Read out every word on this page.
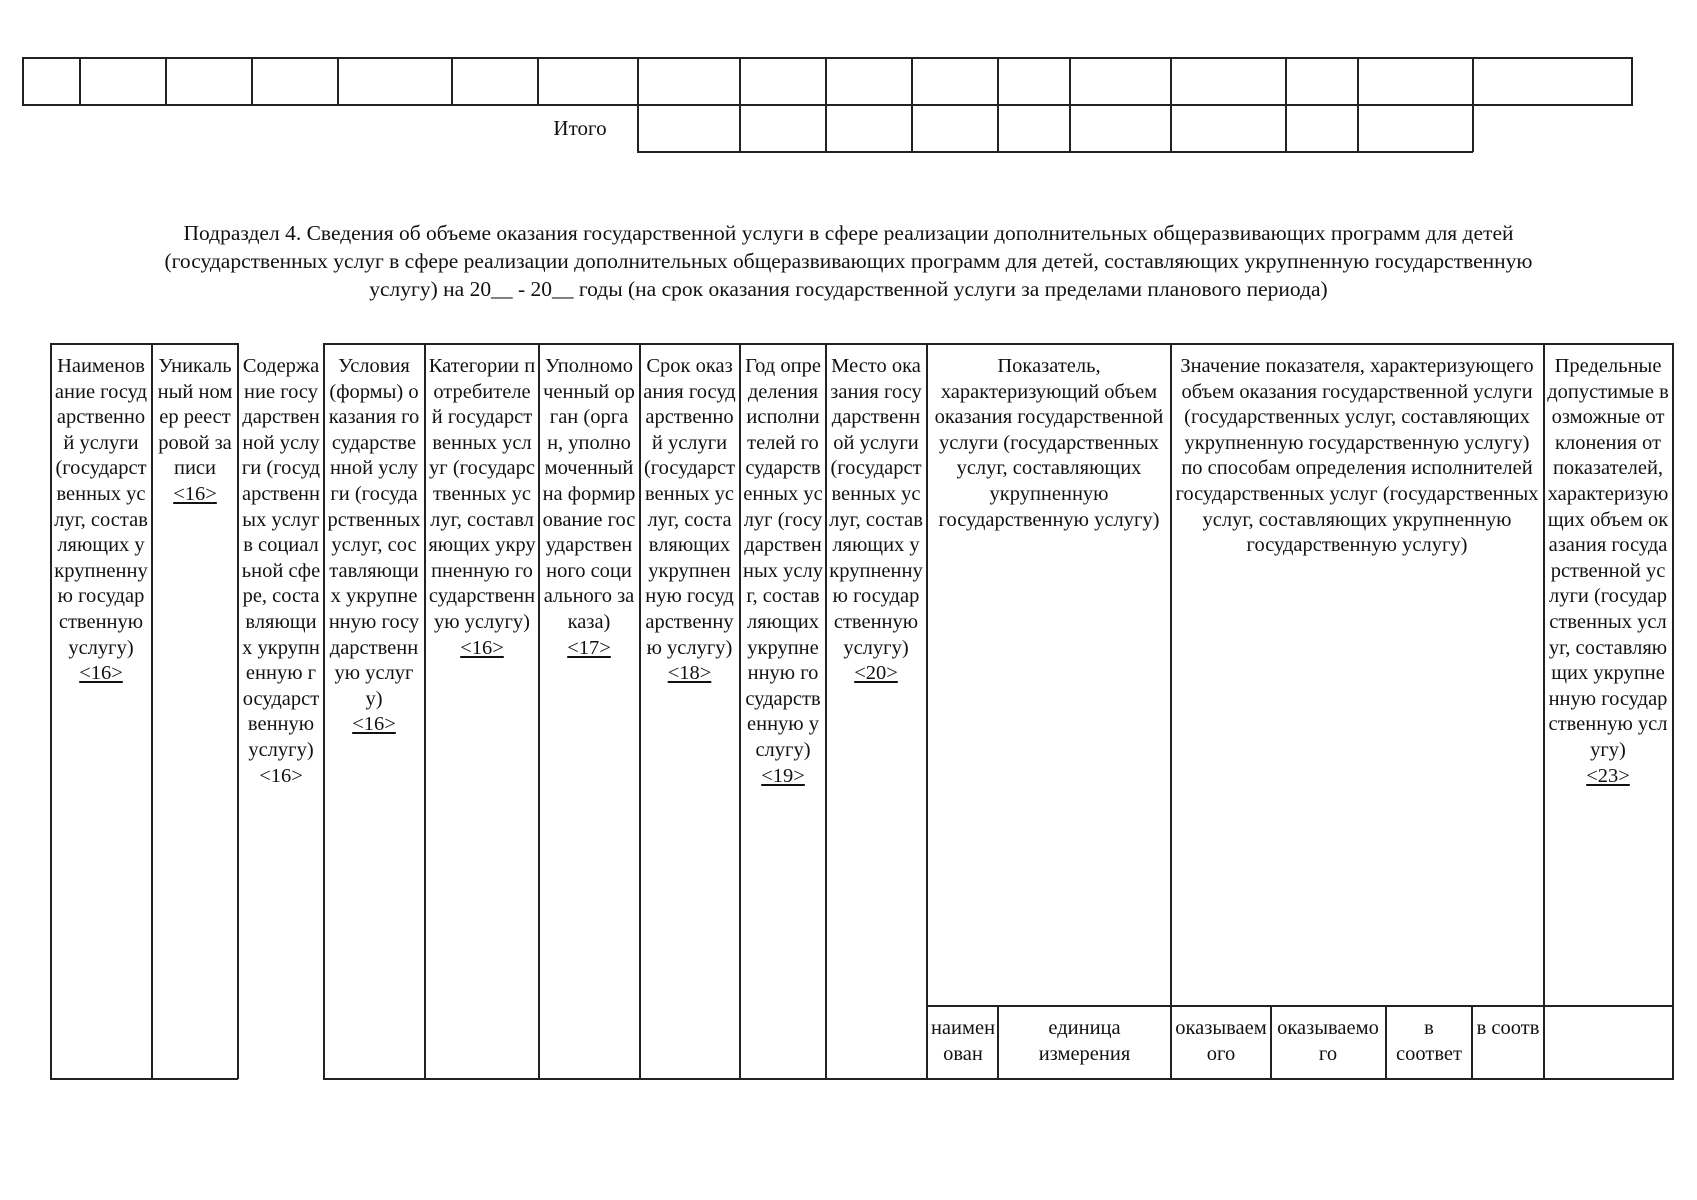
Итого
Подраздел 4. Сведения об объеме оказания государственной услуги в сфере реализации дополнительных общеразвивающих программ для детей
(государственных услуг в сфере реализации дополнительных общеразвивающих программ для детей, составляющих укрупненную государственную
услугу) на 20__ - 20__ годы (на срок оказания государственной услуги за пределами планового периода)
Наименование государственной услуги (государственных услуг, составляющих укрупненную государственную услугу)
<16>
Уникальный номер реестровой записи
<16>
Содержание государственной услуги (государственных услуг в социальной сфере, составляющих укрупненную государственную услугу)
<16>
Условия (формы) оказания государственной услуги (государственных услуг, составляющих укрупненную государственную услугу)
<16>
Категории потребителей государственных услуг (государственных услуг, составляющих укрупненную государственную услугу)
<16>
Уполномоченный орган (орган, уполномоченный на формирование государственного социального заказа)
<17>
Срок оказания государственной услуги (государственных услуг, составляющих укрупненную государственную услугу)
<18>
Год определения исполнителей государственных услуг (государственных услуг, составляющих укрупненную государственную услугу)
<19>
Место оказания государственной услуги (государственных услуг, составляющих укрупненную государственную услугу)
<20>
Показатель, характеризующий объем оказания государственной услуги (государственных услуг, составляющих укрупненную государственную услугу)
Значение показателя, характеризующего объем оказания государственной услуги (государственных услуг, составляющих укрупненную государственную услугу) по способам определения исполнителей государственных услуг (государственных услуг, составляющих укрупненную государственную услугу)
Предельные допустимые возможные отклонения от показателей, характеризующих объем оказания государственной услуги (государственных услуг, составляющих укрупненную государственную услугу)
<23>
наименован
единица измерения
оказываемого
оказываемого
в соответ
в соотв
